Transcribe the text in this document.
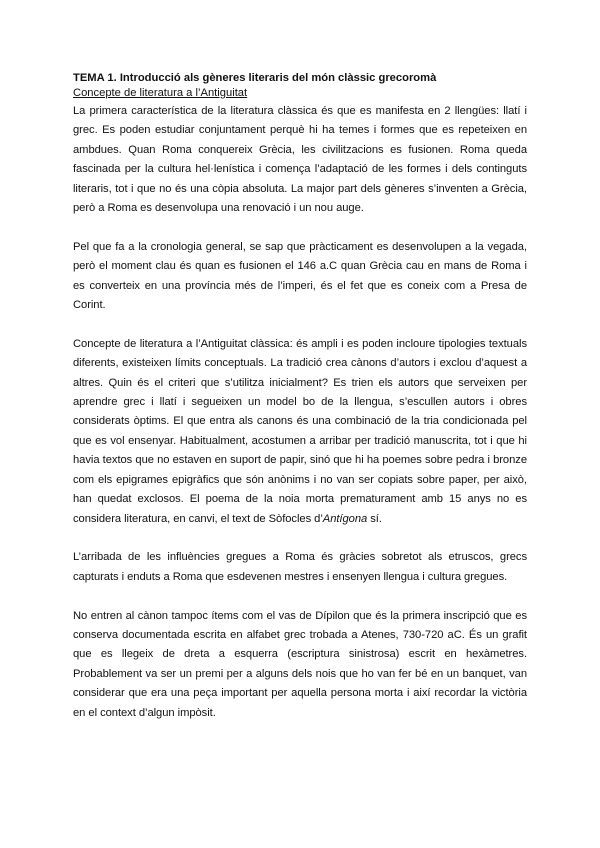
TEMA 1. Introducció als gèneres literaris del món clàssic grecoromà

Concepte de literatura a l’Antiguitat

La primera característica de la literatura clàssica és que es manifesta en 2 llengües: llatí i grec. Es poden estudiar conjuntament perquè hi ha temes i formes que es repeteixen en ambdues. Quan Roma conquereix Grècia, les civilitzacions es fusionen. Roma queda fascinada per la cultura hel·lenística i comença l’adaptació de les formes i dels continguts literaris, tot i que no és una còpia absoluta. La major part dels gèneres s’inventen a Grècia, però a Roma es desenvolupa una renovació i un nou auge.

Pel que fa a la cronologia general, se sap que pràcticament es desenvolupen a la vegada, però el moment clau és quan es fusionen el 146 a.C quan Grècia cau en mans de Roma i es converteix en una província més de l’imperi, és el fet que es coneix com a Presa de Corint.

Concepte de literatura a l’Antiguitat clàssica: és ampli i es poden incloure tipologies textuals diferents, existeixen límits conceptuals. La tradició crea cànons d’autors i exclou d’aquest a altres. Quin és el criteri que s’utilitza inicialment? Es trien els autors que serveixen per aprendre grec i llatí i segueixen un model bo de la llengua, s’escullen autors i obres considerats òptims. El que entra als canons és una combinació de la tria condicionada pel que es vol ensenyar. Habitualment, acostumen a arribar per tradició manuscrita, tot i que hi havia textos que no estaven en suport de papir, sinó que hi ha poemes sobre pedra i bronze com els epigrames epigràfics que són anònims i no van ser copiats sobre paper, per això, han quedat exclosos. El poema de la noia morta prematurament amb 15 anys no es considera literatura, en canvi, el text de Sòfocles d’Antígona sí.

L’arribada de les influències gregues a Roma és gràcies sobretot als etruscos, grecs capturats i enduts a Roma que esdevenen mestres i ensenyen llengua i cultura gregues.

No entren al cànon tampoc ítems com el vas de Dípilon que és la primera inscripció que es conserva documentada escrita en alfabet grec trobada a Atenes, 730-720 aC. És un grafit que es llegeix de dreta a esquerra (escriptura sinistrosa) escrit en hexàmetres. Probablement va ser un premi per a alguns dels nois que ho van fer bé en un banquet, van considerar que era una peça important per aquella persona morta i així recordar la victòria en el context d’algun impòsit.
